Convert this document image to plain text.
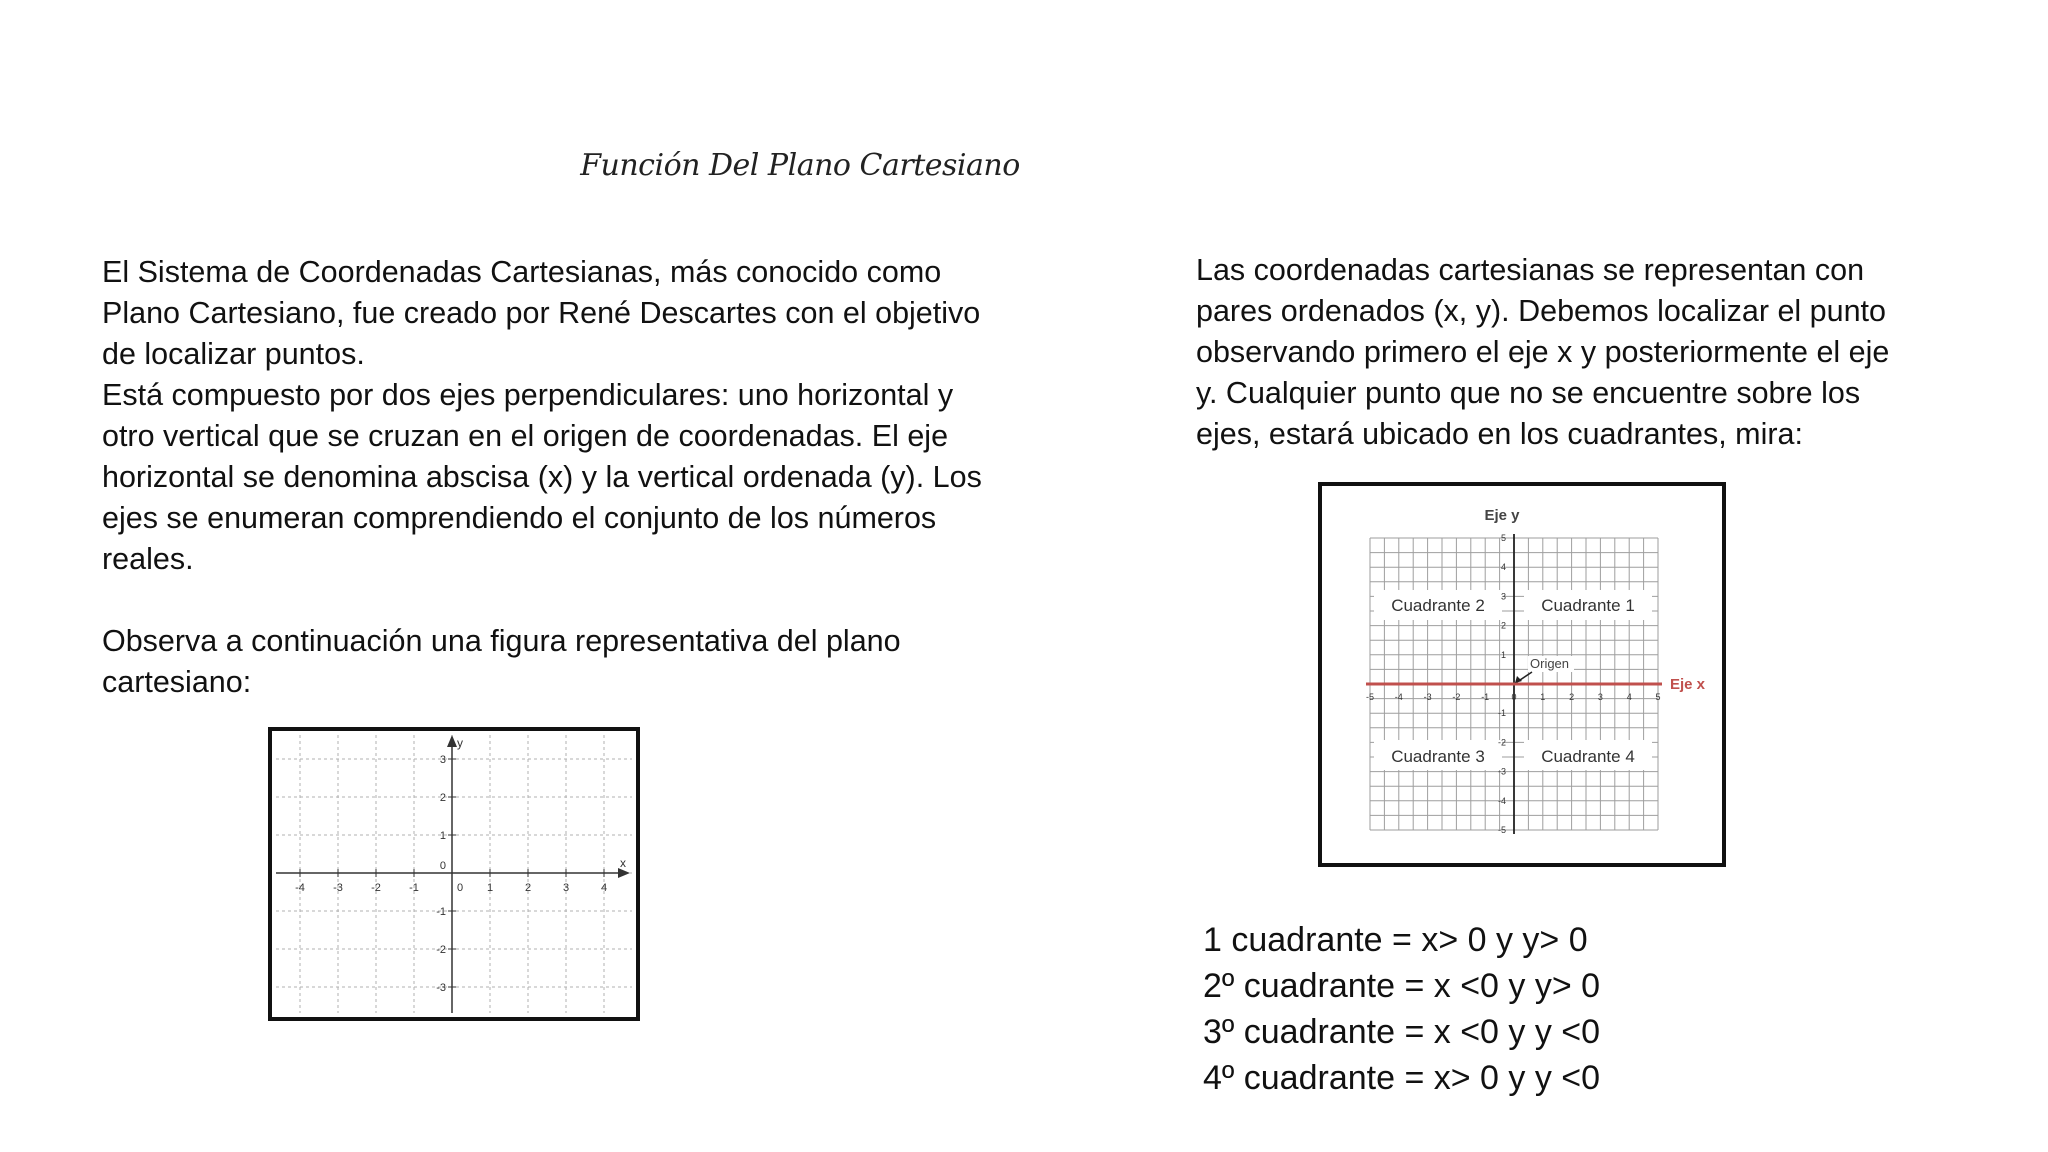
Función Del Plano Cartesiano

El Sistema de Coordenadas Cartesianas, más conocido como
Plano Cartesiano, fue creado por René Descartes con el objetivo
de localizar puntos.
Está compuesto por dos ejes perpendiculares: uno horizontal y
otro vertical que se cruzan en el origen de coordenadas. El eje
horizontal se denomina abscisa (x) y la vertical ordenada (y). Los
ejes se enumeran comprendiendo el conjunto de los números
reales.

Observa a continuación una figura representativa del plano
cartesiano:

Las coordenadas cartesianas se representan con
pares ordenados (x, y). Debemos localizar el punto
observando primero el eje x y posteriormente el eje
y. Cualquier punto que no se encuentre sobre los
ejes, estará ubicado en los cuadrantes, mira:

y
x
-4	-3	-2	-1	0 1	2	3	4
3
2
1
0
-1
-2
-3
-5 -4 -3 -2 -1 0	1	2	3	4	5
5
4
3
2
1
-1
-2
-3
-4
-5
Eje y
Eje x
Cuadrante 2	Cuadrante 1
Cuadrante 3	Cuadrante 4
Origen
1 cuadrante = x> 0 y y> 0
2º cuadrante = x <0 y y> 0
3º cuadrante = x <0 y y <0
4º cuadrante = x> 0 y y <0
